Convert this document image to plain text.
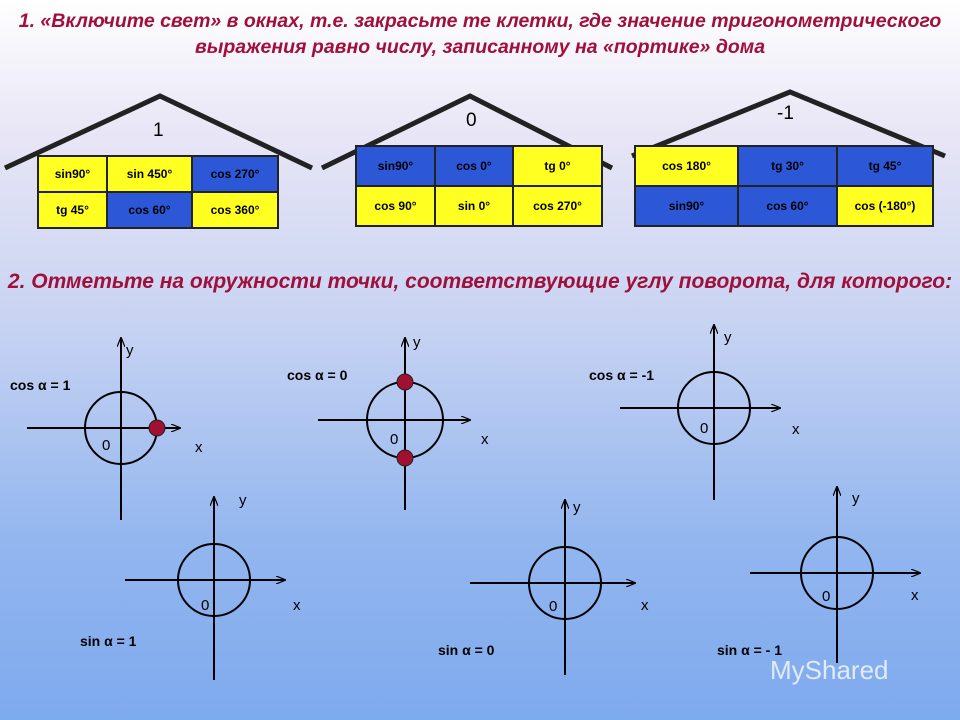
1. «Включите свет» в окнах, т.е. закрасьте те клетки, где значение тригонометрического выражения равно числу, записанному на «портике» дома
1	0	-1
sin90°	sin 450°	cos 270°
tg 45°	cos 60°	cos 360°
sin90°	cos 0°	tg 0°
cos 90°	sin 0°	cos 270°
cos 180°	tg 30°	tg 45°
sin90°	cos 60°	cos (-180°)
2. Отметьте на окружности точки, соответствующие углу поворота, для которого:
cos α = 1
y
x
0
cos α = 0
y
x
0
cos α = -1
y
x
0
sin α = 1
y
x
0
sin α = 0
y
x
0
sin α = - 1
y
x
0
MyShared
